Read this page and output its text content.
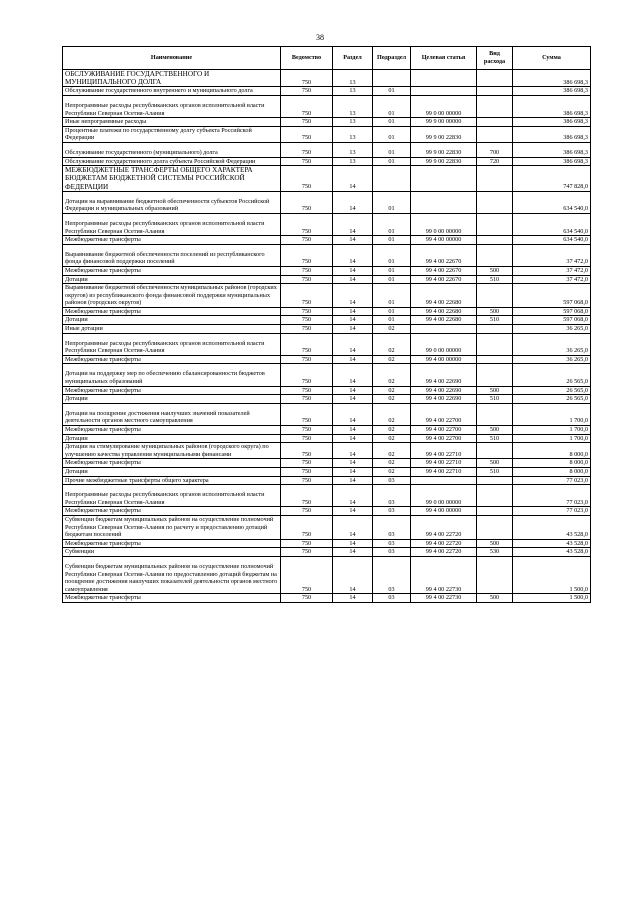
38
Наименование	Ведомство	Раздел	Подраздел	Целевая статья	Вид расхода	Сумма
ОБСЛУЖИВАНИЕ ГОСУДАРСТВЕННОГО И МУНИЦИПАЛЬНОГО ДОЛГА	750	13				386 698,3
Обслуживание государственного внутреннего и муниципального долга	750	13	01			386 698,3
Непрограммные расходы республиканских органов исполнительной власти Республики Северная Осетия-Алания	750	13	01	99 0 00 00000		386 698,3
Иные непрограммные расходы	750	13	01	99 9 00 00000		386 698,3
Процентные платежи по государственному долгу субъекта Российской Федерации	750	13	01	99 9 00 22830		386 698,3
Обслуживание государственного (муниципального) долга	750	13	01	99 9 00 22830	700	386 698,3
Обслуживание государственного долга субъекта Российской Федерации	750	13	01	99 9 00 22830	720	386 698,3
МЕЖБЮДЖЕТНЫЕ ТРАНСФЕРТЫ ОБЩЕГО ХАРАКТЕРА БЮДЖЕТАМ БЮДЖЕТНОЙ СИСТЕМЫ РОССИЙСКОЙ ФЕДЕРАЦИИ	750	14				747 828,0
Дотации на выравнивание бюджетной обеспеченности субъектов Российской Федерации и муниципальных образований	750	14	01			634 540,0
Непрограммные расходы республиканских органов исполнительной власти Республики Северная Осетия-Алания	750	14	01	99 0 00 00000		634 540,0
Межбюджетные трансферты	750	14	01	99 4 00 00000		634 540,0
Выравнивание бюджетной обеспеченности поселений из республиканского фонда финансовой поддержки поселений	750	14	01	99 4 00 22670		37 472,0
Межбюджетные трансферты	750	14	01	99 4 00 22670	500	37 472,0
Дотации	750	14	01	99 4 00 22670	510	37 472,0
Выравнивание бюджетной обеспеченности муниципальных районов (городских округов) из республиканского фонда финансовой поддержки муниципальных районов (городских округов)	750	14	01	99 4 00 22680		597 068,0
Межбюджетные трансферты	750	14	01	99 4 00 22680	500	597 068,0
Дотации	750	14	01	99 4 00 22680	510	597 068,0
Иные дотации	750	14	02			36 265,0
Непрограммные расходы республиканских органов исполнительной власти Республики Северная Осетия-Алания	750	14	02	99 0 00 00000		36 265,0
Межбюджетные трансферты	750	14	02	99 4 00 00000		36 265,0
Дотации на поддержку мер по обеспечению сбалансированности бюджетов муниципальных образований	750	14	02	99 4 00 22690		26 565,0
Межбюджетные трансферты	750	14	02	99 4 00 22690	500	26 565,0
Дотации	750	14	02	99 4 00 22690	510	26 565,0
Дотации на поощрение достижения наилучших значений показателей деятельности органов местного самоуправления	750	14	02	99 4 00 22700		1 700,0
Межбюджетные трансферты	750	14	02	99 4 00 22700	500	1 700,0
Дотации	750	14	02	99 4 00 22700	510	1 700,0
Дотации на стимулирование муниципальных районов (городского округа) по улучшению качества управления муниципальными финансами	750	14	02	99 4 00 22710		8 000,0
Межбюджетные трансферты	750	14	02	99 4 00 22710	500	8 000,0
Дотации	750	14	02	99 4 00 22710	510	8 000,0
Прочие межбюджетные трансферты общего характера	750	14	03			77 023,0
Непрограммные расходы республиканских органов исполнительной власти Республики Северная Осетия-Алания	750	14	03	99 0 00 00000		77 023,0
Межбюджетные трансферты	750	14	03	99 4 00 00000		77 023,0
Субвенции бюджетам муниципальных районов на осуществление полномочий Республики Северная Осетия-Алания по расчету и предоставлению дотаций бюджетам поселений	750	14	03	99 4 00 22720		43 528,0
Межбюджетные трансферты	750	14	03	99 4 00 22720	500	43 528,0
Субвенции	750	14	03	99 4 00 22720	530	43 528,0
Субвенции бюджетам муниципальных районов на осуществление полномочий Республики Северная Осетия-Алания по предоставлению дотаций бюджетам на поощрение достижения наилучших показателей деятельности органов местного самоуправления	750	14	03	99 4 00 22730		1 500,0
Межбюджетные трансферты	750	14	03	99 4 00 22730	500	1 500,0
